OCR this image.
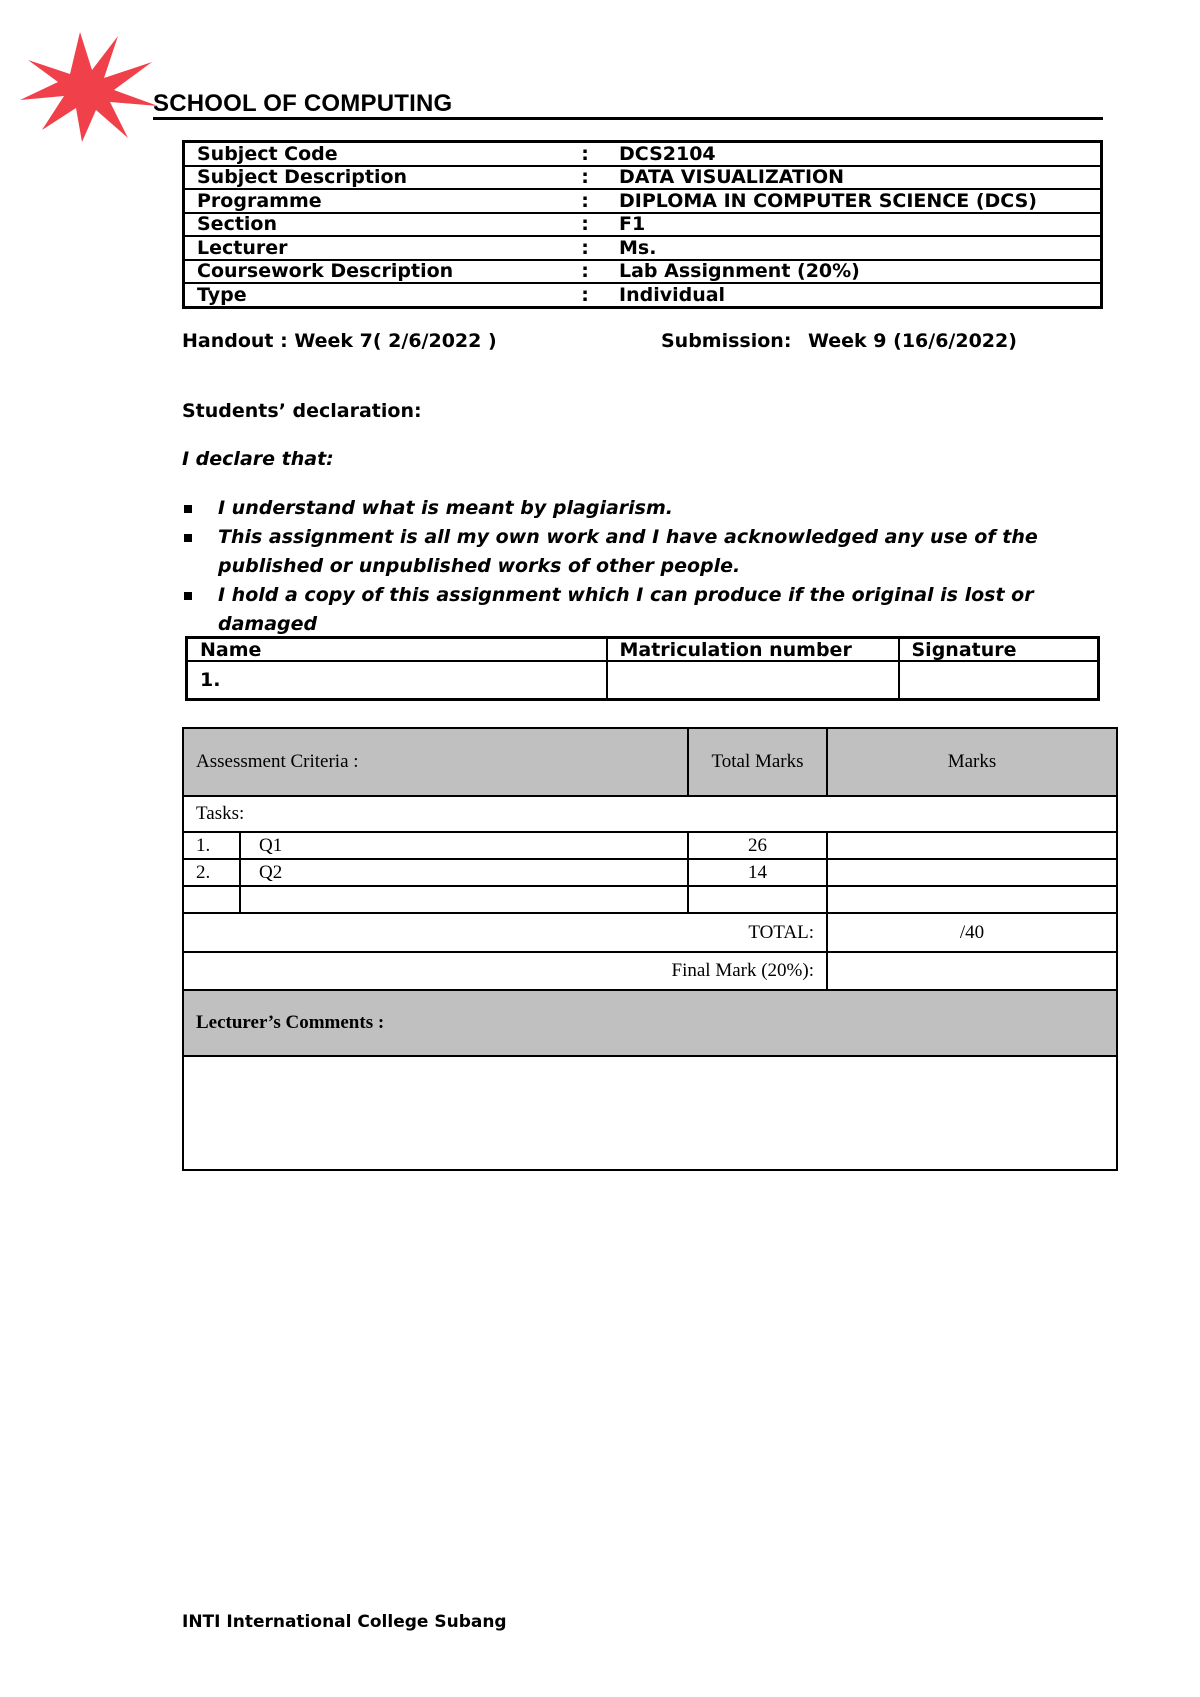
SCHOOL OF COMPUTING
Subject Code	:	DCS2104
Subject Description	:	DATA VISUALIZATION
Programme	:	DIPLOMA IN COMPUTER SCIENCE (DCS)
Section	:	F1
Lecturer	:	Ms.
Coursework Description	:	Lab Assignment (20%)
Type	:	Individual
Handout : Week 7( 2/6/2022 )	Submission: Week 9 (16/6/2022)
Students’ declaration:
I declare that:
I understand what is meant by plagiarism.
This assignment is all my own work and I have acknowledged any use of the published or unpublished works of other people.
I hold a copy of this assignment which I can produce if the original is lost or damaged
Name	Matriculation number	Signature
1.		
Assessment Criteria :		Total Marks	Marks
Tasks:			
1.	Q1	26	
2.	Q2	14	

TOTAL:			/40
Final Mark (20%):			
Lecturer’s Comments :			

INTI International College Subang
